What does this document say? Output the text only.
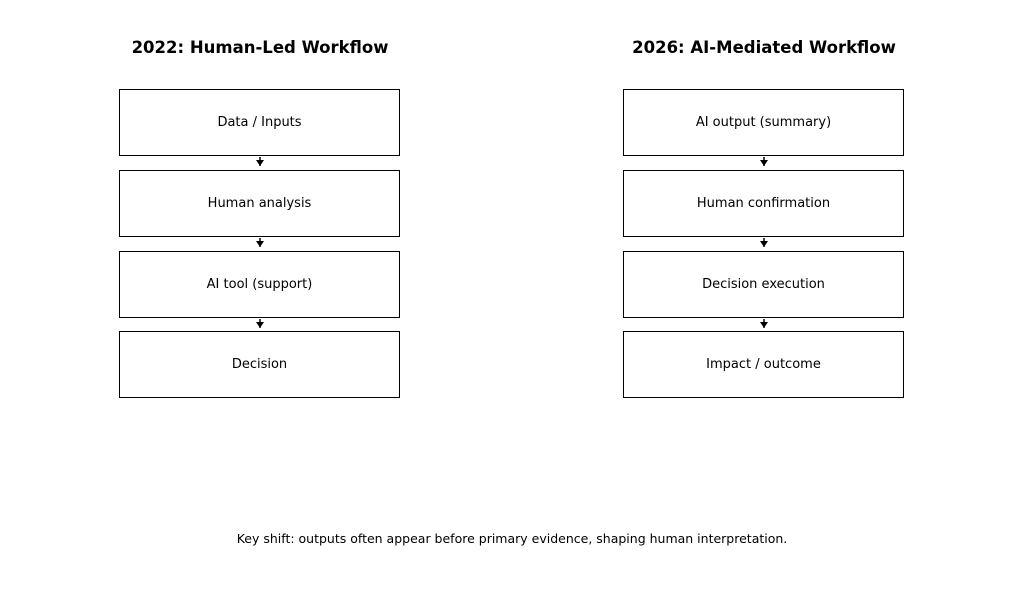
2022: Human-Led Workflow	2026: AI-Mediated Workflow
Data / Inputs
Human analysis
AI tool (support)
Decision
AI output (summary)
Human confirmation
Decision execution
Impact / outcome
Key shift: outputs often appear before primary evidence, shaping human interpretation.
